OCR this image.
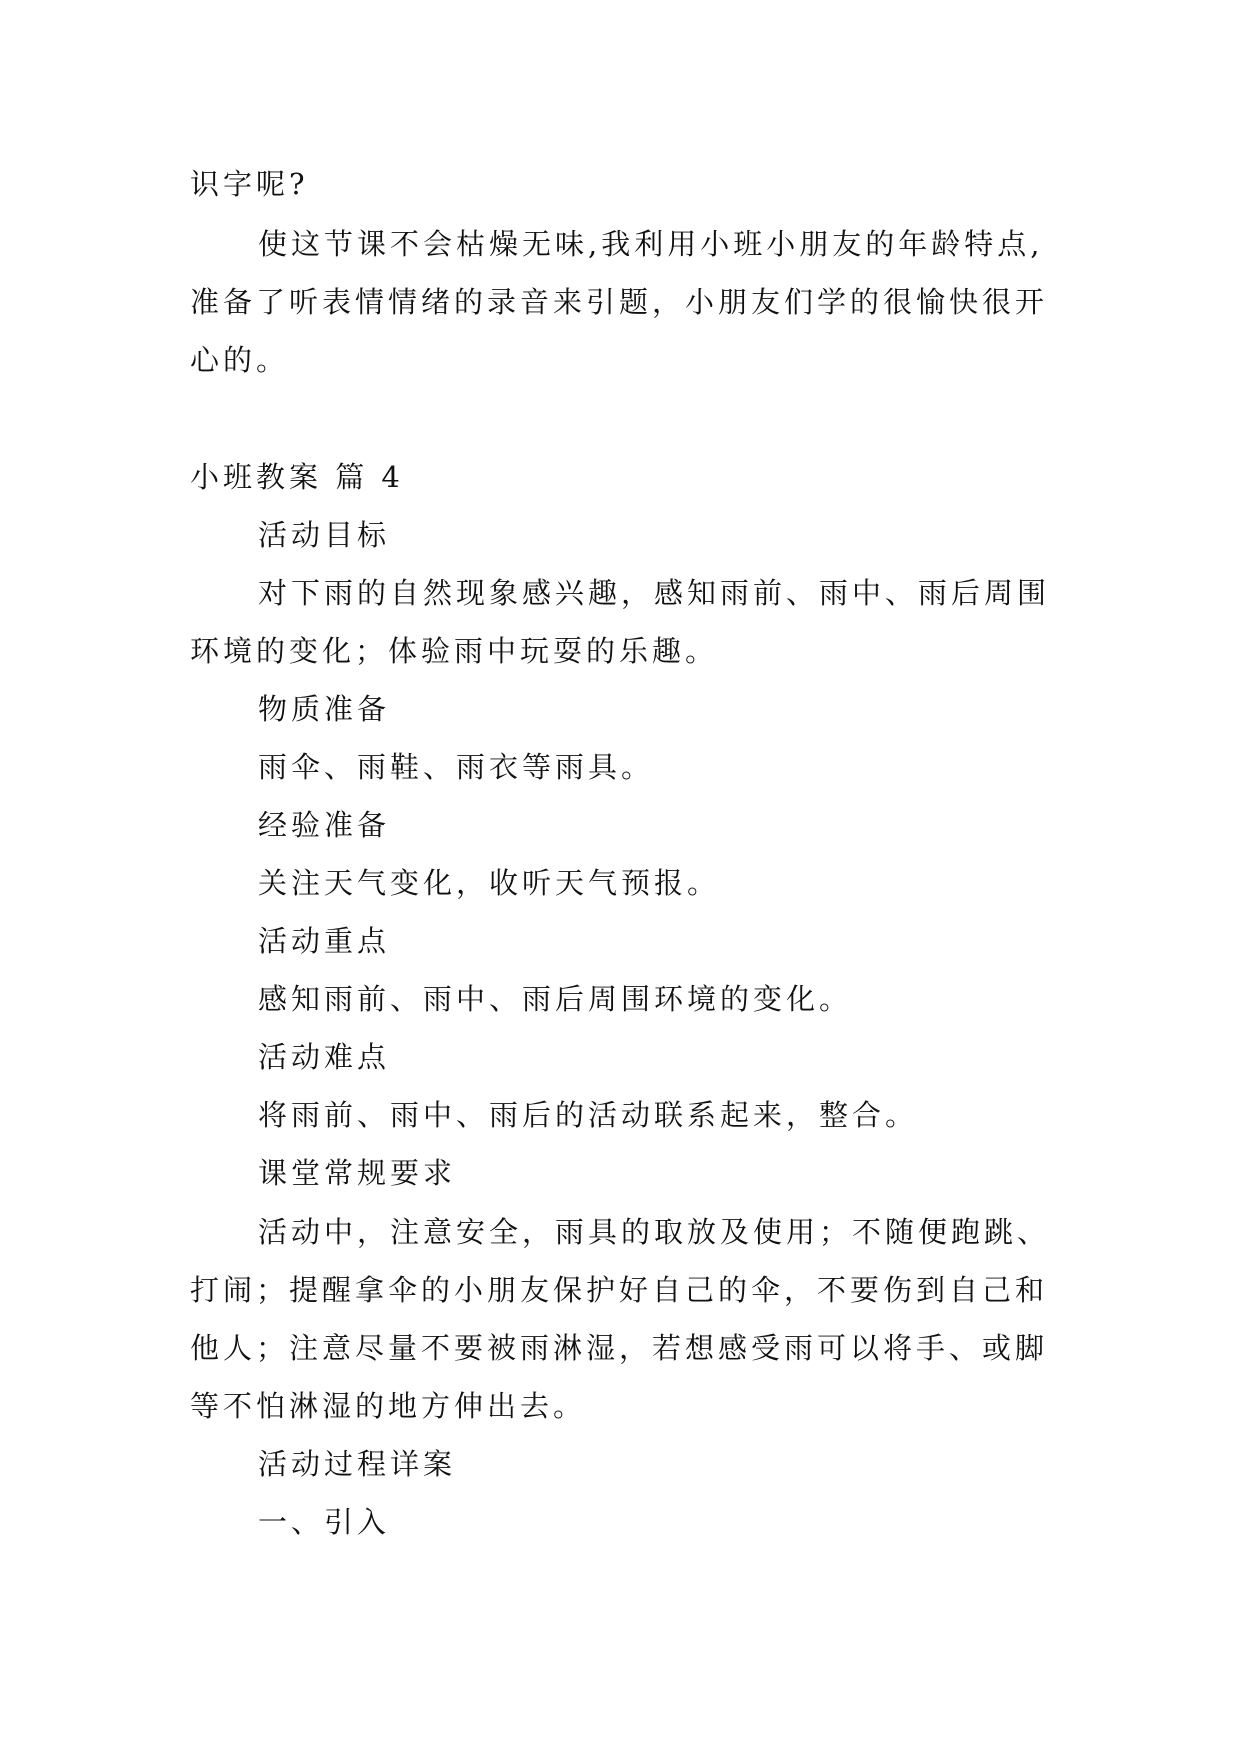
识字呢?

使这节课不会枯燥无味,我利用小班小朋友的年龄特点,

准备了听表情情绪的录音来引题，小朋友们学的很愉快很开

心的。

小班教案 篇 4

活动目标

对下雨的自然现象感兴趣，感知雨前、雨中、雨后周围

环境的变化；体验雨中玩耍的乐趣。

物质准备

雨伞、雨鞋、雨衣等雨具。

经验准备

关注天气变化，收听天气预报。

活动重点

感知雨前、雨中、雨后周围环境的变化。

活动难点

将雨前、雨中、雨后的活动联系起来，整合。

课堂常规要求

活动中，注意安全，雨具的取放及使用；不随便跑跳、

打闹；提醒拿伞的小朋友保护好自己的伞，不要伤到自己和

他人；注意尽量不要被雨淋湿，若想感受雨可以将手、或脚

等不怕淋湿的地方伸出去。

活动过程详案

一、引入
